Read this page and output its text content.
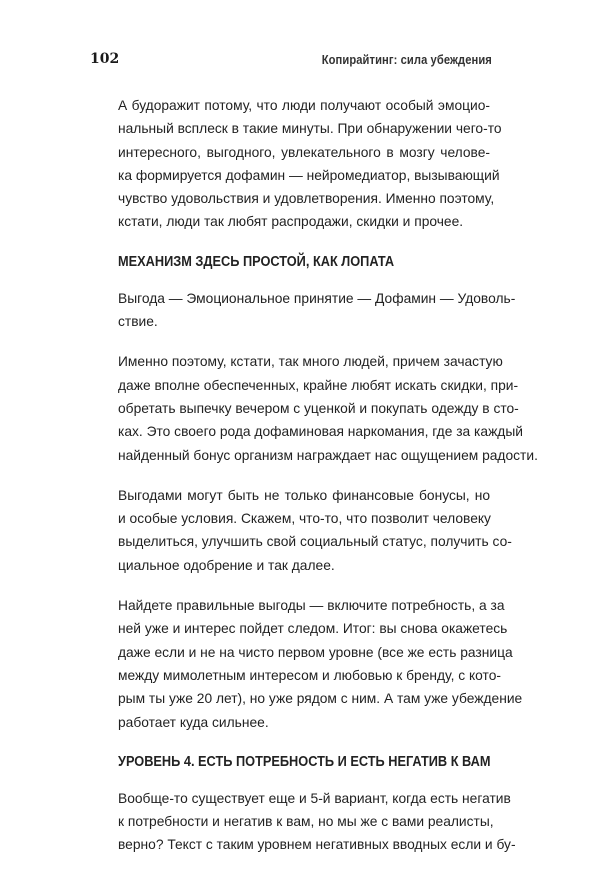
102	Копирайтинг: сила убеждения
А будоражит потому, что люди получают особый эмоцио-
нальный всплеск в такие минуты. При обнаружении чего-то
интересного, выгодного, увлекательного в мозгу челове-
ка формируется дофамин — нейромедиатор, вызывающий
чувство удовольствия и удовлетворения. Именно поэтому,
кстати, люди так любят распродажи, скидки и прочее.
МЕХАНИЗМ ЗДЕСЬ ПРОСТОЙ, КАК ЛОПАТА
Выгода — Эмоциональное принятие — Дофамин — Удоволь-
ствие.
Именно поэтому, кстати, так много людей, причем зачастую
даже вполне обеспеченных, крайне любят искать скидки, при-
обретать выпечку вечером с уценкой и покупать одежду в сто-
ках. Это своего рода дофаминовая наркомания, где за каждый
найденный бонус организм награждает нас ощущением радости.
Выгодами могут быть не только финансовые бонусы, но
и особые условия. Скажем, что-то, что позволит человеку
выделиться, улучшить свой социальный статус, получить со-
циальное одобрение и так далее.
Найдете правильные выгоды — включите потребность, а за
ней уже и интерес пойдет следом. Итог: вы снова окажетесь
даже если и не на чисто первом уровне (все же есть разница
между мимолетным интересом и любовью к бренду, с кото-
рым ты уже 20 лет), но уже рядом с ним. А там уже убеждение
работает куда сильнее.
УРОВЕНЬ 4. ЕСТЬ ПОТРЕБНОСТЬ И ЕСТЬ НЕГАТИВ К ВАМ
Вообще-то существует еще и 5-й вариант, когда есть негатив
к потребности и негатив к вам, но мы же с вами реалисты,
верно? Текст с таким уровнем негативных вводных если и бу-
